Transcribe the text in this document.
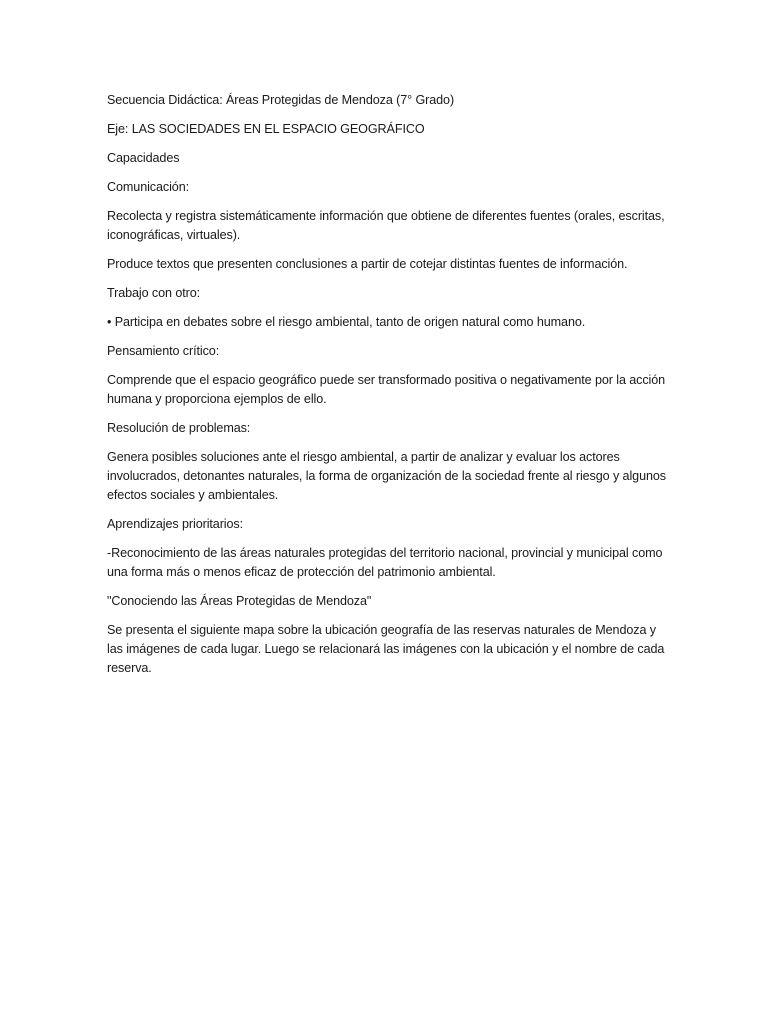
Secuencia Didáctica: Áreas Protegidas de Mendoza (7° Grado)

Eje: LAS SOCIEDADES EN EL ESPACIO GEOGRÁFICO

Capacidades

Comunicación:

Recolecta y registra sistemáticamente información que obtiene de diferentes fuentes (orales, escritas, iconográficas, virtuales).

Produce textos que presenten conclusiones a partir de cotejar distintas fuentes de información.

Trabajo con otro:

• Participa en debates sobre el riesgo ambiental, tanto de origen natural como humano.

Pensamiento crítico:

Comprende que el espacio geográfico puede ser transformado positiva o negativamente por la acción humana y proporciona ejemplos de ello.

Resolución de problemas:

Genera posibles soluciones ante el riesgo ambiental, a partir de analizar y evaluar los actores involucrados, detonantes naturales, la forma de organización de la sociedad frente al riesgo y algunos efectos sociales y ambientales.

Aprendizajes prioritarios:

-Reconocimiento de las áreas naturales protegidas del territorio nacional, provincial y municipal como una forma más o menos eficaz de protección del patrimonio ambiental.

"Conociendo las Áreas Protegidas de Mendoza"

Se presenta el siguiente mapa sobre la ubicación geografía de las reservas naturales de Mendoza y las imágenes de cada lugar. Luego se relacionará las imágenes con la ubicación y el nombre de cada reserva.
